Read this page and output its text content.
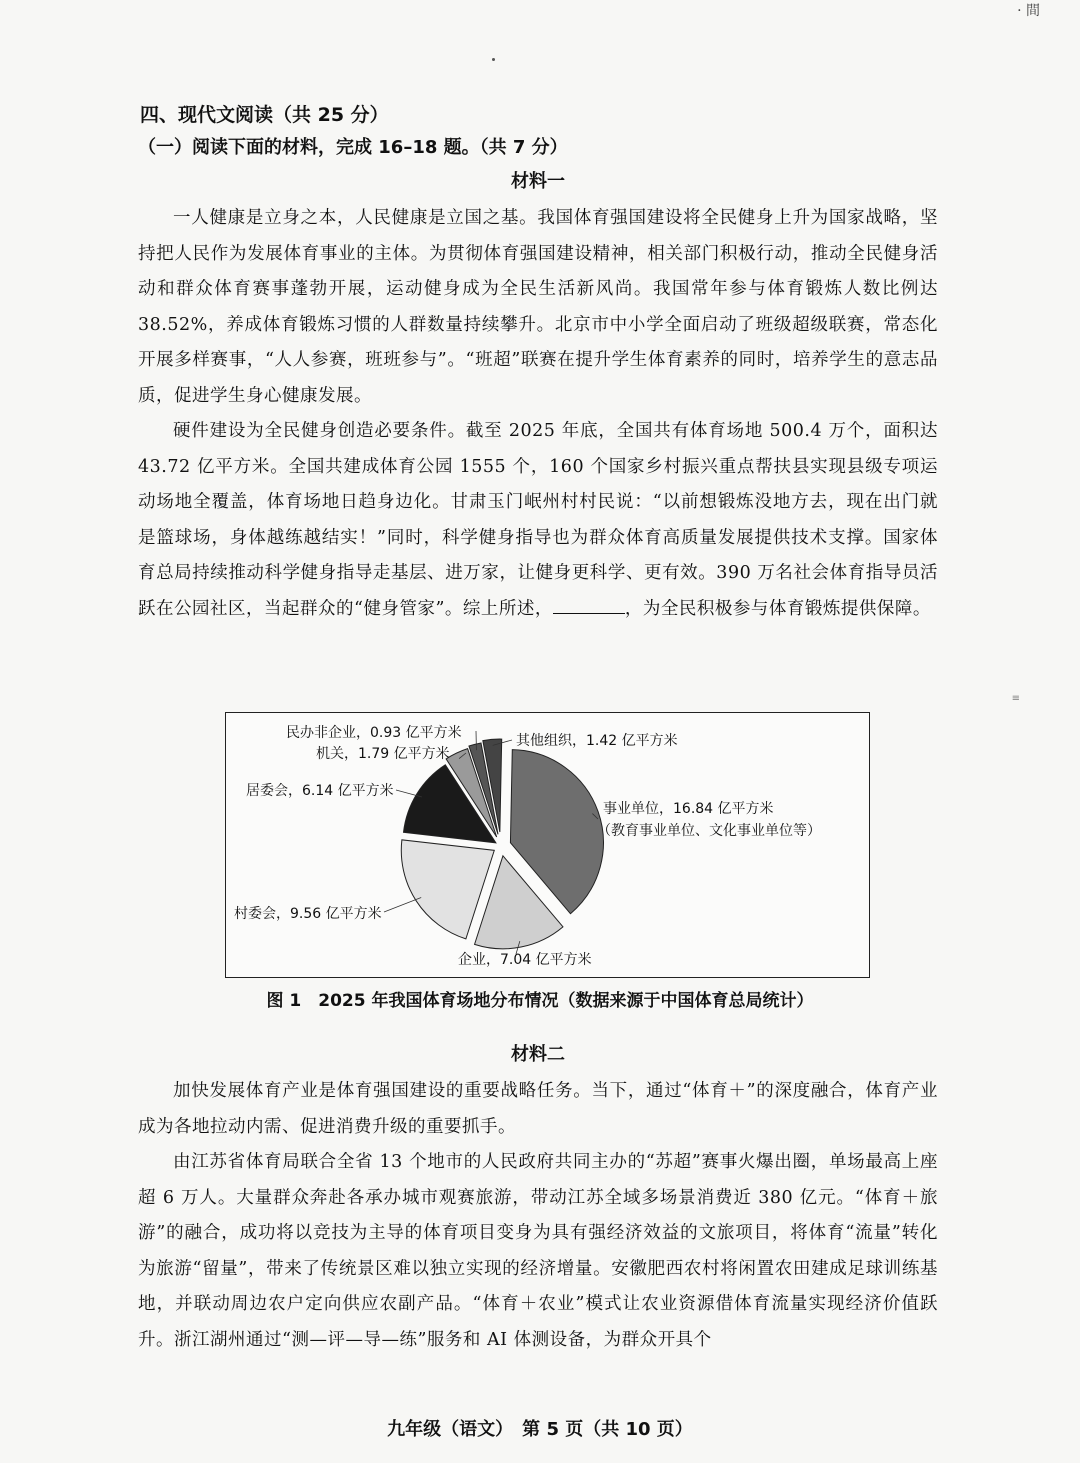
· 間
≡
四、现代文阅读（共 25 分）
（一）阅读下面的材料，完成 16–18 题。（共 7 分）
材料一

一人健康是立身之本，人民健康是立国之基。我国体育强国建设将全民健身上升为国家战略，坚持把人民作为发展体育事业的主体。为贯彻体育强国建设精神，相关部门积极行动，推动全民健身活动和群众体育赛事蓬勃开展，运动健身成为全民生活新风尚。我国常年参与体育锻炼人数比例达 38.52%，养成体育锻炼习惯的人群数量持续攀升。北京市中小学全面启动了班级超级联赛，常态化开展多样赛事，“人人参赛，班班参与”。“班超”联赛在提升学生体育素养的同时，培养学生的意志品质，促进学生身心健康发展。

硬件建设为全民健身创造必要条件。截至 2025 年底，全国共有体育场地 500.4 万个，面积达 43.72 亿平方米。全国共建成体育公园 1555 个，160 个国家乡村振兴重点帮扶县实现县级专项运动场地全覆盖，体育场地日趋身边化。甘肃玉门岷州村村民说：“以前想锻炼没地方去，现在出门就是篮球场，身体越练越结实！”同时，科学健身指导也为群众体育高质量发展提供技术支撑。国家体育总局持续推动科学健身指导走基层、进万家，让健身更科学、更有效。390 万名社会体育指导员活跃在公园社区，当起群众的“健身管家”。综上所述，	，为全民积极参与体育锻炼提供保障。

事业单位，16.84 亿平方米
（教育事业单位、文化事业单位等）
企业，7.04 亿平方米
村委会，9.56 亿平方米
居委会，6.14 亿平方米
机关，1.79 亿平方米
民办非企业，0.93 亿平方米	其他组织，1.42 亿平方米
图 1　2025 年我国体育场地分布情况（数据来源于中国体育总局统计）
材料二

加快发展体育产业是体育强国建设的重要战略任务。当下，通过“体育＋”的深度融合，体育产业成为各地拉动内需、促进消费升级的重要抓手。

由江苏省体育局联合全省 13 个地市的人民政府共同主办的“苏超”赛事火爆出圈，单场最高上座超 6 万人。大量群众奔赴各承办城市观赛旅游，带动江苏全域多场景消费近 380 亿元。“体育＋旅游”的融合，成功将以竞技为主导的体育项目变身为具有强经济效益的文旅项目，将体育“流量”转化为旅游“留量”，带来了传统景区难以独立实现的经济增量。安徽肥西农村将闲置农田建成足球训练基地，并联动周边农户定向供应农副产品。“体育＋农业”模式让农业资源借体育流量实现经济价值跃升。浙江湖州通过“测—评—导—练”服务和 AI 体测设备，为群众开具个

九年级（语文）　第 5 页（共 10 页）
